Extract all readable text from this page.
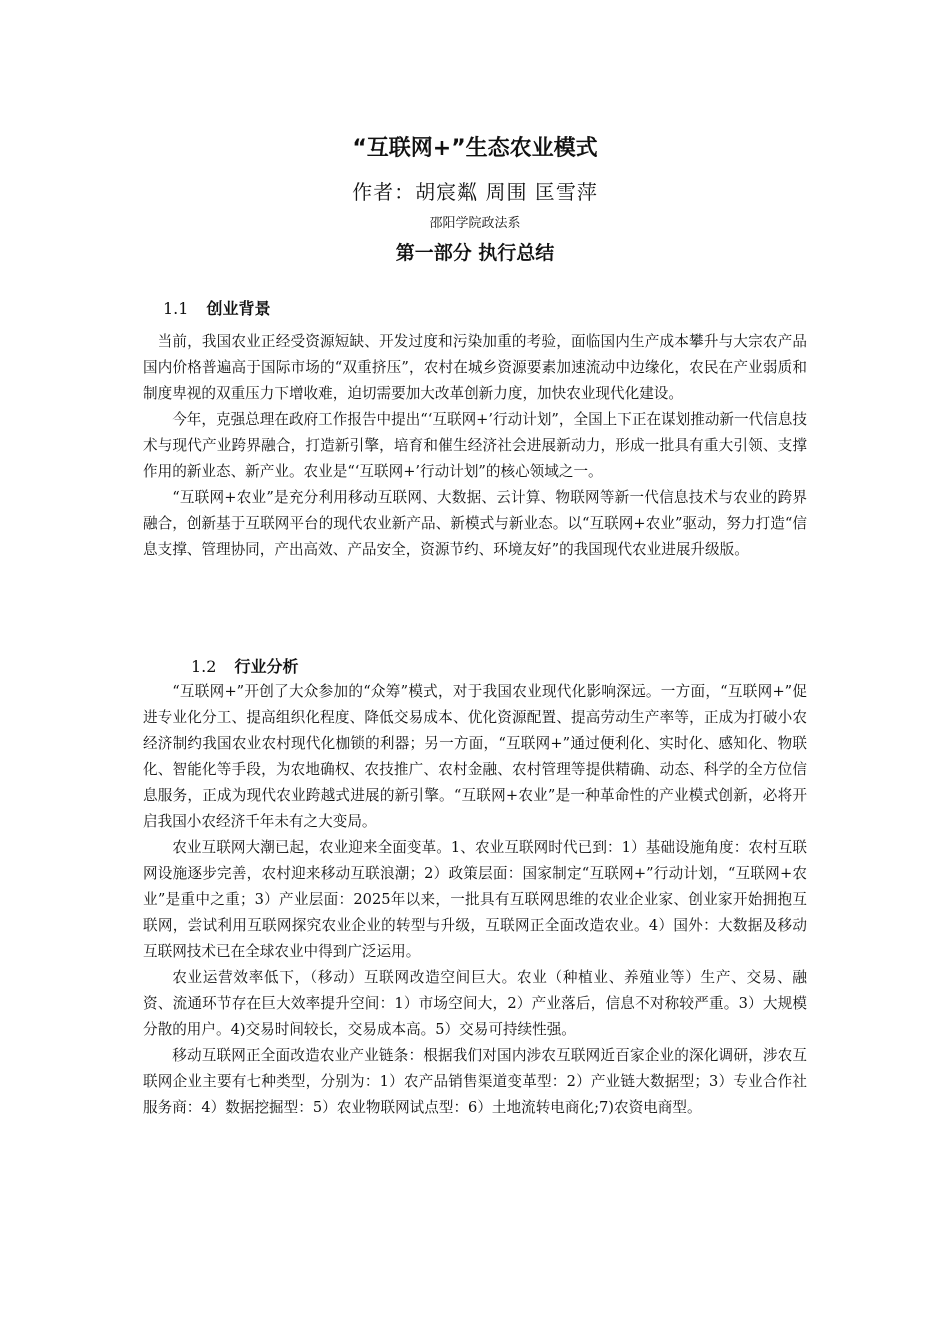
“互联网+”生态农业模式
作者：胡宸粼 周围 匡雪萍
邵阳学院政法系
第一部分 执行总结
1.1 创业背景

当前，我国农业正经受资源短缺、开发过度和污染加重的考验，面临国内生产成本攀升与大宗农产品国内价格普遍高于国际市场的“双重挤压”，农村在城乡资源要素加速流动中边缘化，农民在产业弱质和制度卑视的双重压力下增收难，迫切需要加大改革创新力度，加快农业现代化建设。

今年，克强总理在政府工作报告中提出“‘互联网+’行动计划”，全国上下正在谋划推动新一代信息技术与现代产业跨界融合，打造新引擎，培育和催生经济社会进展新动力，形成一批具有重大引领、支撑作用的新业态、新产业。农业是“‘互联网+’行动计划”的核心领域之一。

“互联网+农业”是充分利用移动互联网、大数据、云计算、物联网等新一代信息技术与农业的跨界融合，创新基于互联网平台的现代农业新产品、新模式与新业态。以“互联网+农业”驱动，努力打造“信息支撑、管理协同，产出高效、产品安全，资源节约、环境友好”的我国现代农业进展升级版。

1.2 行业分析

“互联网+”开创了大众参加的“众筹”模式，对于我国农业现代化影响深远。一方面，“互联网+”促进专业化分工、提高组织化程度、降低交易成本、优化资源配置、提高劳动生产率等，正成为打破小农经济制约我国农业农村现代化枷锁的利器；另一方面，“互联网+”通过便利化、实时化、感知化、物联化、智能化等手段，为农地确权、农技推广、农村金融、农村管理等提供精确、动态、科学的全方位信息服务，正成为现代农业跨越式进展的新引擎。“互联网+农业”是一种革命性的产业模式创新，必将开启我国小农经济千年未有之大变局。

农业互联网大潮已起，农业迎来全面变革。1、农业互联网时代已到：1）基础设施角度：农村互联网设施逐步完善，农村迎来移动互联浪潮；2）政策层面：国家制定“互联网+”行动计划，“互联网+农业”是重中之重；3）产业层面：2025年以来，一批具有互联网思维的农业企业家、创业家开始拥抱互联网，尝试利用互联网探究农业企业的转型与升级，互联网正全面改造农业。4）国外：大数据及移动互联网技术已在全球农业中得到广泛运用。

农业运营效率低下，（移动）互联网改造空间巨大。农业（种植业、养殖业等）生产、交易、融资、流通环节存在巨大效率提升空间：1）市场空间大，2）产业落后，信息不对称较严重。3）大规模分散的用户。4)交易时间较长，交易成本高。5）交易可持续性强。

移动互联网正全面改造农业产业链条：根据我们对国内涉农互联网近百家企业的深化调研，涉农互联网企业主要有七种类型，分别为：1）农产品销售渠道变革型：2）产业链大数据型；3）专业合作社服务商：4）数据挖掘型：5）农业物联网试点型：6）土地流转电商化;7)农资电商型。
